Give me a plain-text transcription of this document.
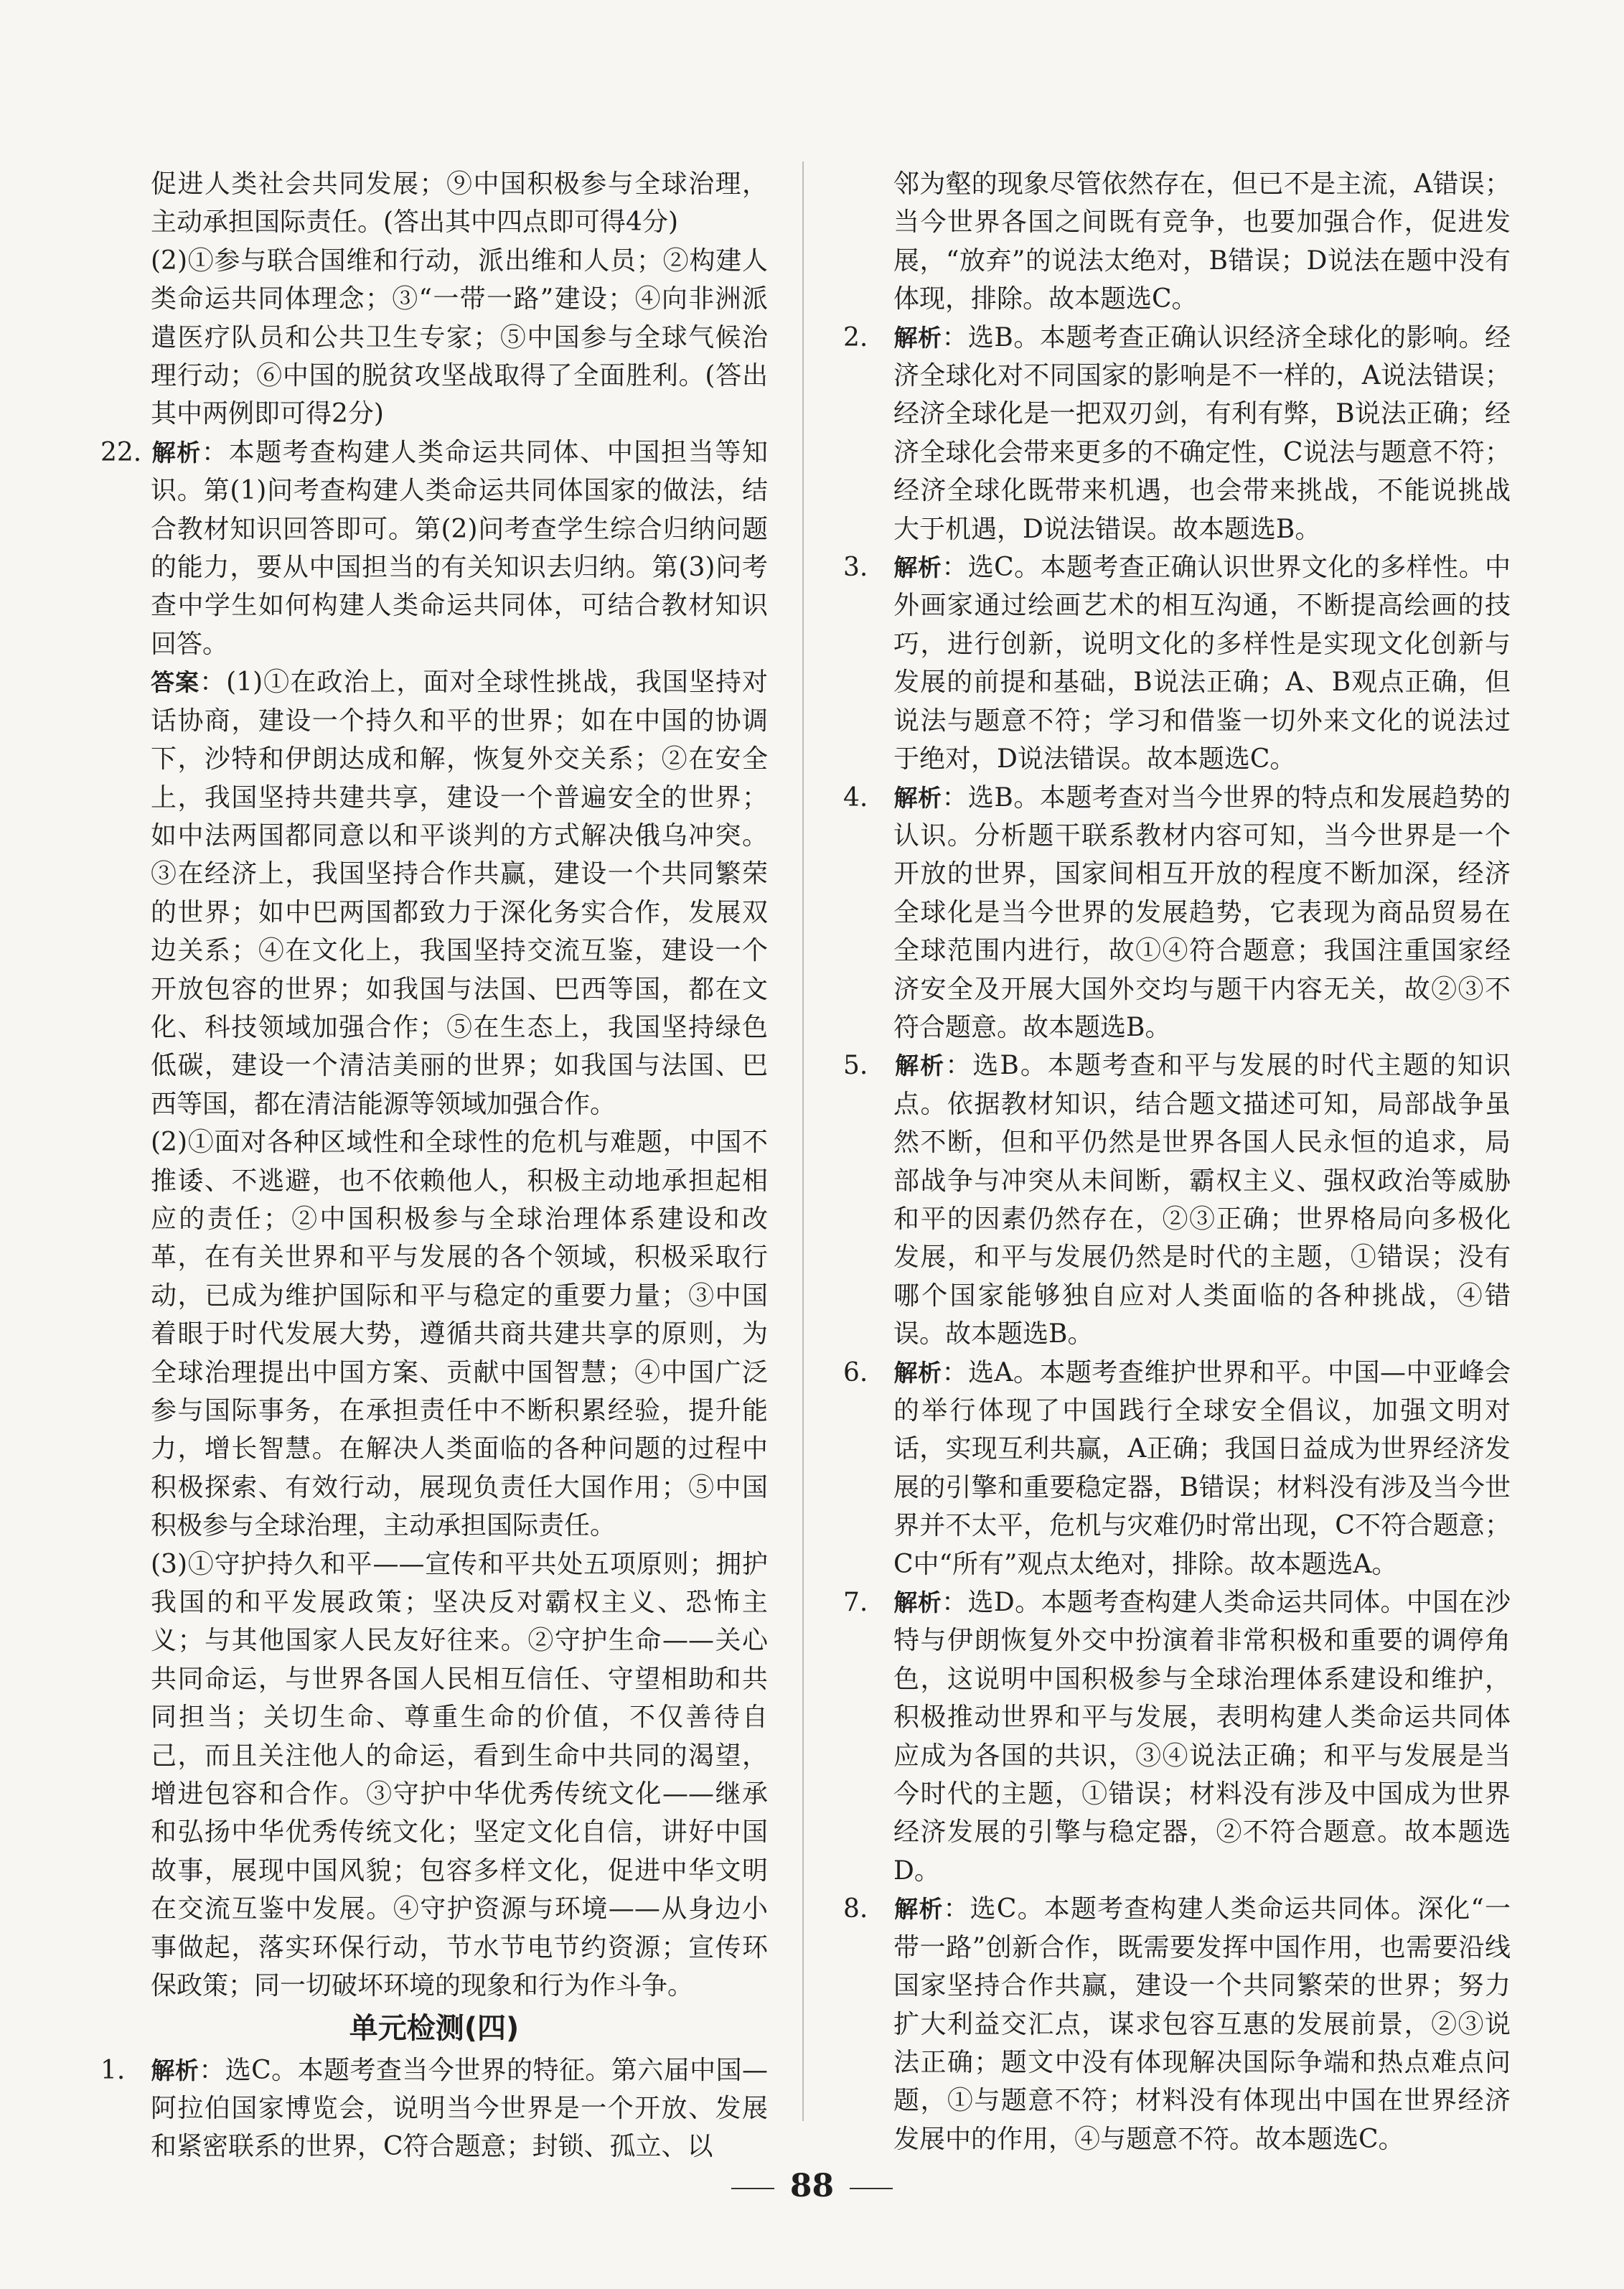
促进人类社会共同发展；⑨中国积极参与全球治理，主动承担国际责任。(答出其中四点即可得4分)

(2)①参与联合国维和行动，派出维和人员；②构建人类命运共同体理念；③“一带一路”建设；④向非洲派遣医疗队员和公共卫生专家；⑤中国参与全球气候治理行动；⑥中国的脱贫攻坚战取得了全面胜利。(答出其中两例即可得2分)

22. 解析：本题考查构建人类命运共同体、中国担当等知识。第(1)问考查构建人类命运共同体国家的做法，结合教材知识回答即可。第(2)问考查学生综合归纳问题的能力，要从中国担当的有关知识去归纳。第(3)问考查中学生如何构建人类命运共同体，可结合教材知识回答。

答案：(1)①在政治上，面对全球性挑战，我国坚持对话协商，建设一个持久和平的世界；如在中国的协调下，沙特和伊朗达成和解，恢复外交关系；②在安全上，我国坚持共建共享，建设一个普遍安全的世界；如中法两国都同意以和平谈判的方式解决俄乌冲突。③在经济上，我国坚持合作共赢，建设一个共同繁荣的世界；如中巴两国都致力于深化务实合作，发展双边关系；④在文化上，我国坚持交流互鉴，建设一个开放包容的世界；如我国与法国、巴西等国，都在文化、科技领域加强合作；⑤在生态上，我国坚持绿色低碳，建设一个清洁美丽的世界；如我国与法国、巴西等国，都在清洁能源等领域加强合作。

(2)①面对各种区域性和全球性的危机与难题，中国不推诿、不逃避，也不依赖他人，积极主动地承担起相应的责任；②中国积极参与全球治理体系建设和改革，在有关世界和平与发展的各个领域，积极采取行动，已成为维护国际和平与稳定的重要力量；③中国着眼于时代发展大势，遵循共商共建共享的原则，为全球治理提出中国方案、贡献中国智慧；④中国广泛参与国际事务，在承担责任中不断积累经验，提升能力，增长智慧。在解决人类面临的各种问题的过程中积极探索、有效行动，展现负责任大国作用；⑤中国积极参与全球治理，主动承担国际责任。

(3)①守护持久和平——宣传和平共处五项原则；拥护我国的和平发展政策；坚决反对霸权主义、恐怖主义；与其他国家人民友好往来。②守护生命——关心共同命运，与世界各国人民相互信任、守望相助和共同担当；关切生命、尊重生命的价值，不仅善待自己，而且关注他人的命运，看到生命中共同的渴望，增进包容和合作。③守护中华优秀传统文化——继承和弘扬中华优秀传统文化；坚定文化自信，讲好中国故事，展现中国风貌；包容多样文化，促进中华文明在交流互鉴中发展。④守护资源与环境——从身边小事做起，落实环保行动，节水节电节约资源；宣传环保政策；同一切破坏环境的现象和行为作斗争。

单元检测(四)
1. 解析：选C。本题考查当今世界的特征。第六届中国—阿拉伯国家博览会，说明当今世界是一个开放、发展和紧密联系的世界，C符合题意；封锁、孤立、以

邻为壑的现象尽管依然存在，但已不是主流，A错误；当今世界各国之间既有竞争，也要加强合作，促进发展，“放弃”的说法太绝对，B错误；D说法在题中没有体现，排除。故本题选C。

2. 解析：选B。本题考查正确认识经济全球化的影响。经济全球化对不同国家的影响是不一样的，A说法错误；经济全球化是一把双刃剑，有利有弊，B说法正确；经济全球化会带来更多的不确定性，C说法与题意不符；经济全球化既带来机遇，也会带来挑战，不能说挑战大于机遇，D说法错误。故本题选B。
3. 解析：选C。本题考查正确认识世界文化的多样性。中外画家通过绘画艺术的相互沟通，不断提高绘画的技巧，进行创新，说明文化的多样性是实现文化创新与发展的前提和基础，B说法正确；A、B观点正确，但说法与题意不符；学习和借鉴一切外来文化的说法过于绝对，D说法错误。故本题选C。
4. 解析：选B。本题考查对当今世界的特点和发展趋势的认识。分析题干联系教材内容可知，当今世界是一个开放的世界，国家间相互开放的程度不断加深，经济全球化是当今世界的发展趋势，它表现为商品贸易在全球范围内进行，故①④符合题意；我国注重国家经济安全及开展大国外交均与题干内容无关，故②③不符合题意。故本题选B。
5. 解析：选B。本题考查和平与发展的时代主题的知识点。依据教材知识，结合题文描述可知，局部战争虽然不断，但和平仍然是世界各国人民永恒的追求，局部战争与冲突从未间断，霸权主义、强权政治等威胁和平的因素仍然存在，②③正确；世界格局向多极化发展，和平与发展仍然是时代的主题，①错误；没有哪个国家能够独自应对人类面临的各种挑战，④错误。故本题选B。
6. 解析：选A。本题考查维护世界和平。中国—中亚峰会的举行体现了中国践行全球安全倡议，加强文明对话，实现互利共赢，A正确；我国日益成为世界经济发展的引擎和重要稳定器，B错误；材料没有涉及当今世界并不太平，危机与灾难仍时常出现，C不符合题意；C中“所有”观点太绝对，排除。故本题选A。
7. 解析：选D。本题考查构建人类命运共同体。中国在沙特与伊朗恢复外交中扮演着非常积极和重要的调停角色，这说明中国积极参与全球治理体系建设和维护，积极推动世界和平与发展，表明构建人类命运共同体应成为各国的共识，③④说法正确；和平与发展是当今时代的主题，①错误；材料没有涉及中国成为世界经济发展的引擎与稳定器，②不符合题意。故本题选D。
8. 解析：选C。本题考查构建人类命运共同体。深化“一带一路”创新合作，既需要发挥中国作用，也需要沿线国家坚持合作共赢，建设一个共同繁荣的世界；努力扩大利益交汇点，谋求包容互惠的发展前景，②③说法正确；题文中没有体现解决国际争端和热点难点问题，①与题意不符；材料没有体现出中国在世界经济发展中的作用，④与题意不符。故本题选C。
88
